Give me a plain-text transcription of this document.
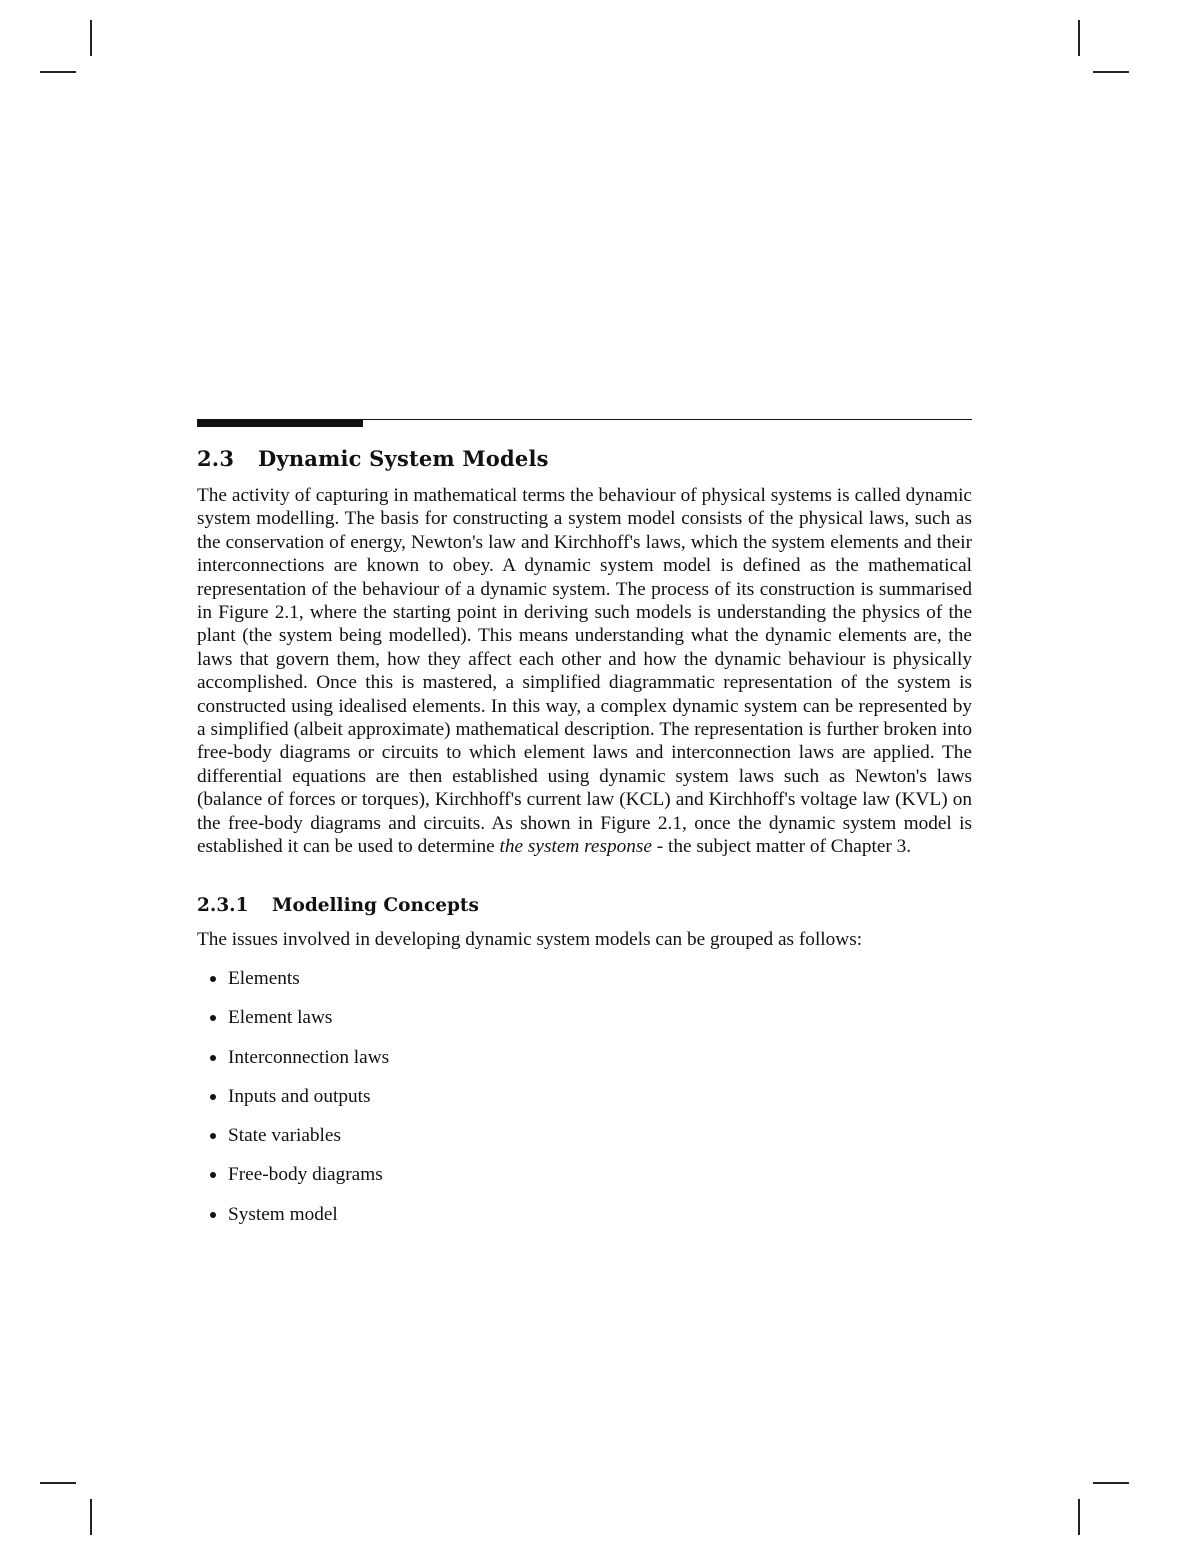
2.3 Dynamic System Models

The activity of capturing in mathematical terms the behaviour of physical systems is called dynamic system modelling. The basis for constructing a system model consists of the physical laws, such as the conservation of energy, Newton's law and Kirchhoff's laws, which the system elements and their interconnections are known to obey. A dynamic system model is defined as the mathematical representation of the behaviour of a dynamic system. The process of its construction is summarised in Figure 2.1, where the starting point in deriving such models is understanding the physics of the plant (the system being modelled). This means understanding what the dynamic elements are, the laws that govern them, how they affect each other and how the dynamic behaviour is physically accomplished. Once this is mastered, a simplified diagrammatic representation of the system is constructed using idealised elements. In this way, a complex dynamic system can be represented by a simplified (albeit approximate) mathematical description. The representation is further broken into free-body diagrams or circuits to which element laws and interconnection laws are applied. The differential equations are then established using dynamic system laws such as Newton's laws (balance of forces or torques), Kirchhoff's current law (KCL) and Kirchhoff's voltage law (KVL) on the free-body diagrams and circuits. As shown in Figure 2.1, once the dynamic system model is established it can be used to determine the system response - the subject matter of Chapter 3.

2.3.1 Modelling Concepts

The issues involved in developing dynamic system models can be grouped as follows:

Elements
Element laws
Interconnection laws
Inputs and outputs
State variables
Free-body diagrams
System model
